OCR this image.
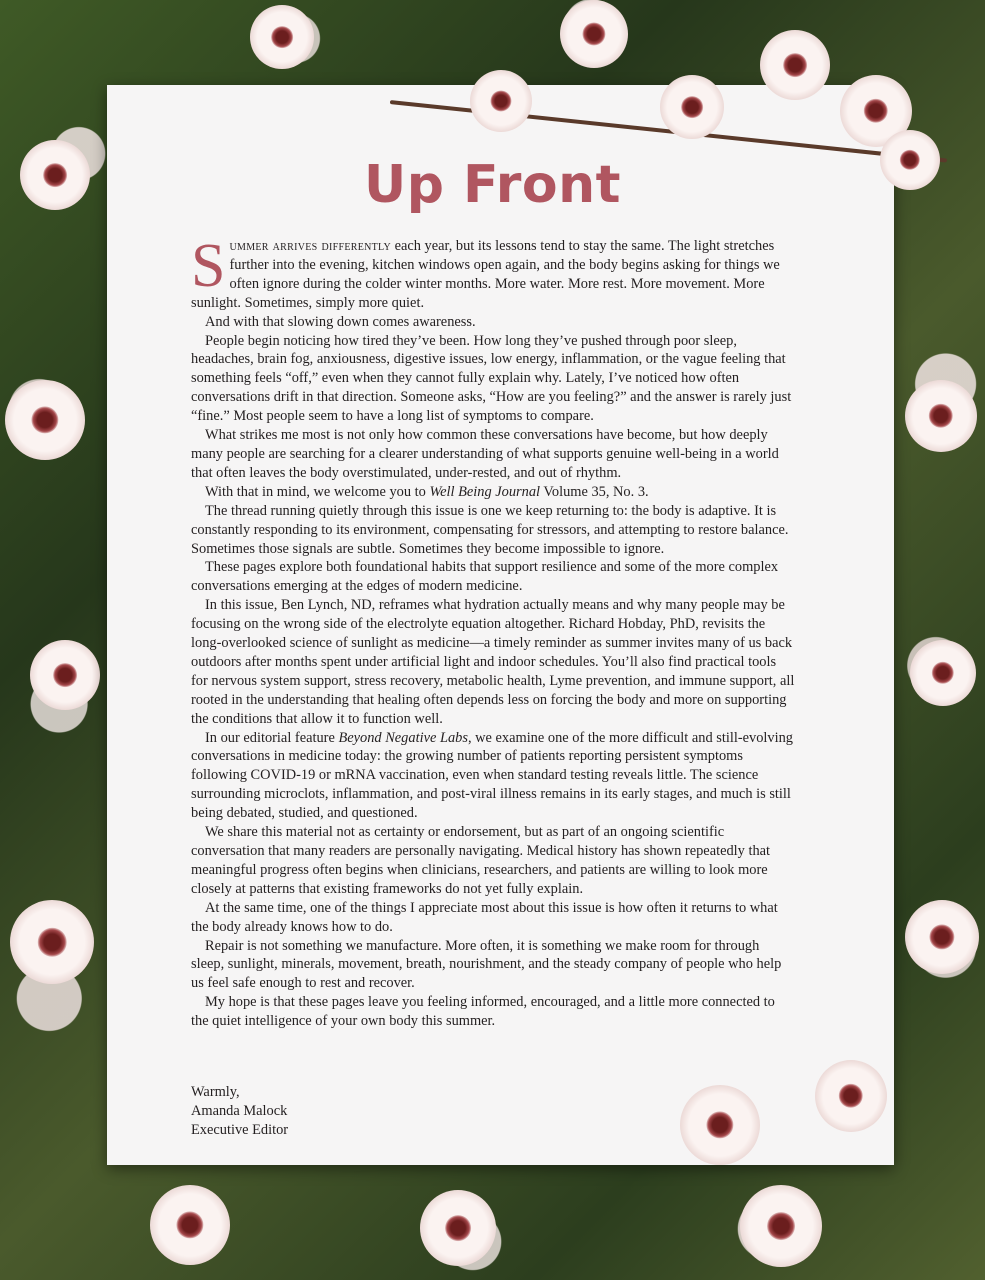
Up Front

Summer arrives differently each year, but its lessons tend to stay the same. The light stretches further into the evening, kitchen windows open again, and the body begins asking for things we often ignore during the colder winter months. More water. More rest. More movement. More sunlight. Sometimes, simply more quiet.

And with that slowing down comes awareness.

People begin noticing how tired they’ve been. How long they’ve pushed through poor sleep, headaches, brain fog, anxiousness, digestive issues, low energy, inflammation, or the vague feeling that something feels “off,” even when they cannot fully explain why. Lately, I’ve noticed how often conversations drift in that direction. Someone asks, “How are you feeling?” and the answer is rarely just “fine.” Most people seem to have a long list of symptoms to compare.

What strikes me most is not only how common these conversations have become, but how deeply many people are searching for a clearer understanding of what supports genuine well-being in a world that often leaves the body overstimulated, under-rested, and out of rhythm.

With that in mind, we welcome you to Well Being Journal Volume 35, No. 3.

The thread running quietly through this issue is one we keep returning to: the body is adaptive. It is constantly responding to its environment, compensating for stressors, and attempting to restore balance. Sometimes those signals are subtle. Sometimes they become impossible to ignore.

These pages explore both foundational habits that support resilience and some of the more complex conversations emerging at the edges of modern medicine.

In this issue, Ben Lynch, ND, reframes what hydration actually means and why many people may be focusing on the wrong side of the electrolyte equation altogether. Richard Hobday, PhD, revisits the long-overlooked science of sunlight as medicine—a timely reminder as summer invites many of us back outdoors after months spent under artificial light and indoor schedules. You’ll also find practical tools for nervous system support, stress recovery, metabolic health, Lyme prevention, and immune support, all rooted in the understanding that healing often depends less on forcing the body and more on supporting the conditions that allow it to function well.

In our editorial feature Beyond Negative Labs, we examine one of the more difficult and still-evolving conversations in medicine today: the growing number of patients reporting persistent symptoms following COVID-19 or mRNA vaccination, even when standard testing reveals little. The science surrounding microclots, inflammation, and post-viral illness remains in its early stages, and much is still being debated, studied, and questioned.

We share this material not as certainty or endorsement, but as part of an ongoing scientific conversation that many readers are personally navigating. Medical history has shown repeatedly that meaningful progress often begins when clinicians, researchers, and patients are willing to look more closely at patterns that existing frameworks do not yet fully explain.

At the same time, one of the things I appreciate most about this issue is how often it returns to what the body already knows how to do.

Repair is not something we manufacture. More often, it is something we make room for through sleep, sunlight, minerals, movement, breath, nourishment, and the steady company of people who help us feel safe enough to rest and recover.

My hope is that these pages leave you feeling informed, encouraged, and a little more connected to the quiet intelligence of your own body this summer.

Warmly,
Amanda Malock
Executive Editor
